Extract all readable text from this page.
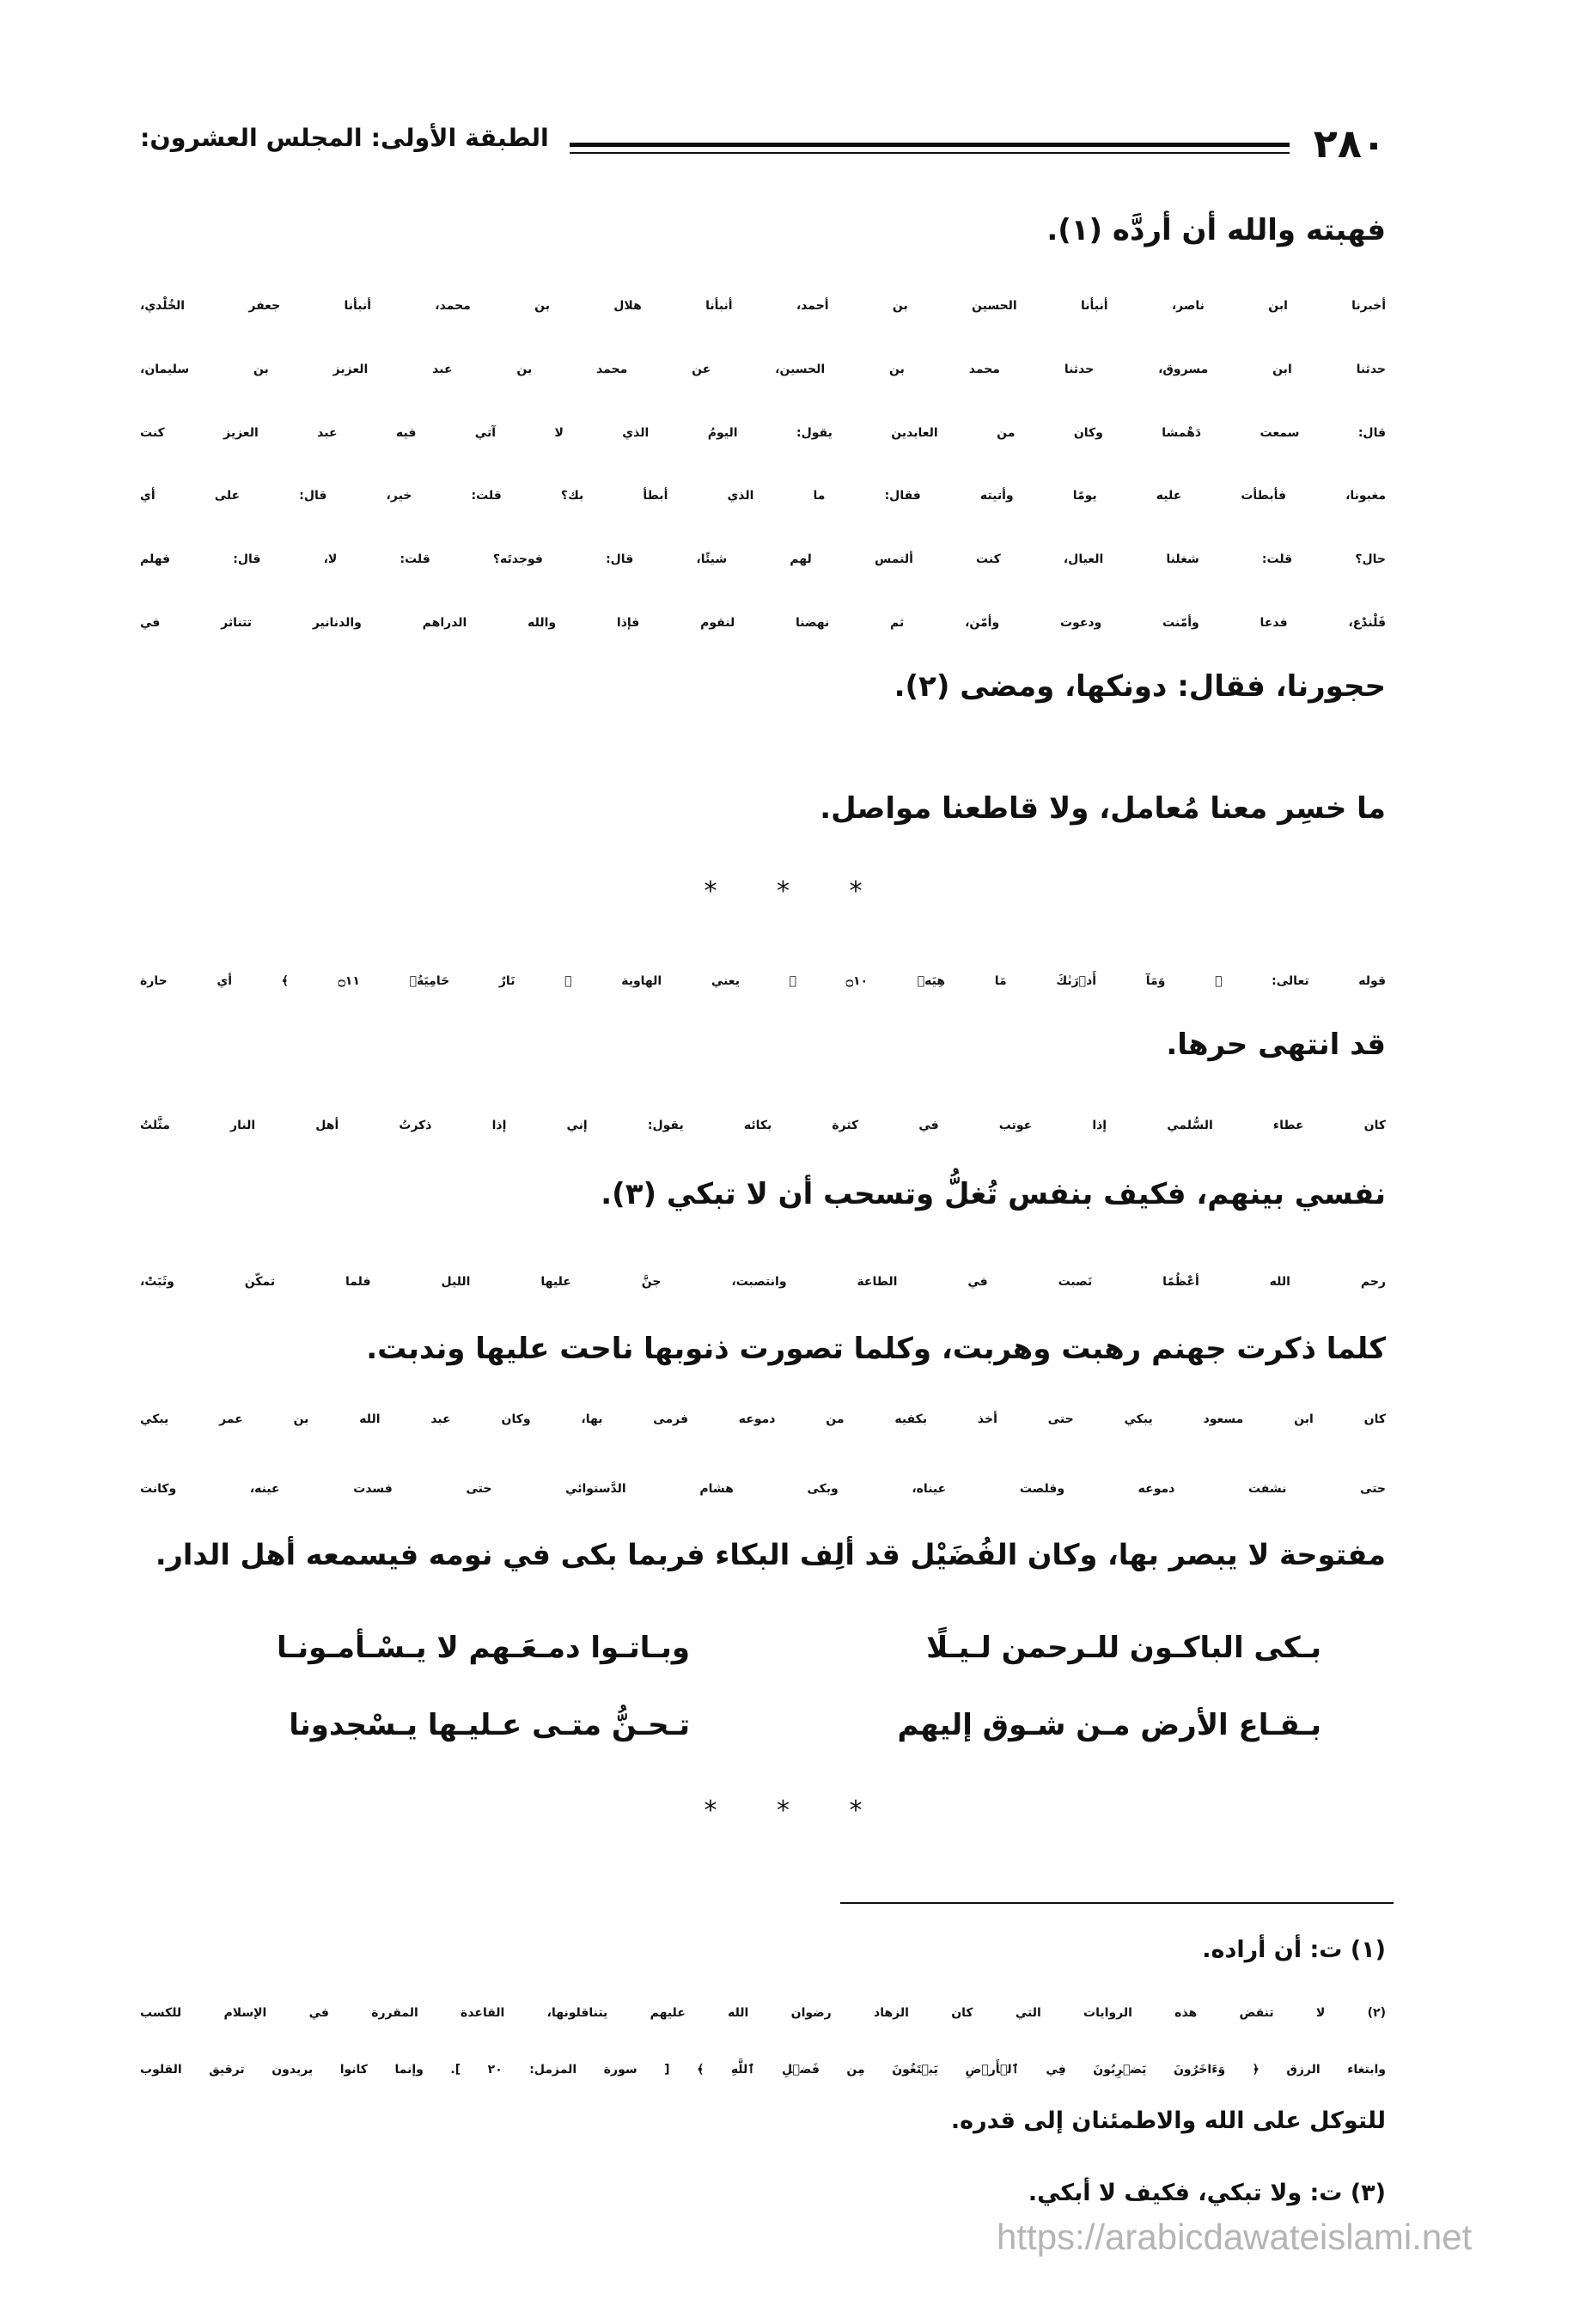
٢٨٠
الطبقة الأولى: المجلس العشرون:
فهبته والله أن أردَّه (١).
أخبرنا ابن ناصر، أنبأنا الحسين بن أحمد، أنبأنا هلال بن محمد، أنبأنا جعفر الخُلْدي،
حدثنا ابن مسروق، حدثنا محمد بن الحسين، عن محمد بن عبد العزيز بن سليمان،
قال: سمعت دَهْمشا وكان من العابدين يقول: اليومُ الذي لا آتي فيه عبد العزيز كنت
مغبونا، فأبطأت عليه يومًا وأتيته فقال: ما الذي أبطأ بك؟ قلت: خير، قال: على أي
حال؟ قلت: شغلنا العيال، كنت ألتمس لهم شيئًا، قال: فوجدتَه؟ قلت: لا، قال: فهلم
فَلْندْع، فدعا وأمّنت ودعوت وأمّن، ثم نهضنا لنقوم فإذا والله الدراهم والدنانير تتناثر في
حجورنا، فقال: دونكها، ومضى (٢).
ما خسِر معنا مُعامل، ولا قاطعنا مواصل.
قوله تعالى: ﴿ وَمَآ أَدۡرَىٰكَ مَا هِيَهۡ ۝١٠ ﴾ يعني الهاوية ﴿ نَارٌ حَامِيَةُۢ ۝١١ ﴾ أي حارة
قد انتهى حرها.
كان عطاء السُّلمي إذا عوتب في كثرة بكائه يقول: إني إذا ذكرتُ أهل النار مثَّلتُ
نفسي بينهم، فكيف بنفس تُغلُّ وتسحب أن لا تبكي (٣).
رحم الله أعْظُمًا نَصبت في الطاعة وانتصبت، جنَّ عليها الليل فلما تمكّن وثَبَتْ،
كلما ذكرت جهنم رهبت وهربت، وكلما تصورت ذنوبها ناحت عليها وندبت.
كان ابن مسعود يبكي حتى أخذ بكفيه من دموعه فرمى بها، وكان عبد الله بن عمر يبكي
حتى نشفت دموعه وقلصت عيناه، وبكى هشام الدَّستوائي حتى فسدت عينه، وكانت
مفتوحة لا يبصر بها، وكان الفُضَيْل قد ألِف البكاء فربما بكى في نومه فيسمعه أهل الدار.
* * *
* * *
بـكى الباكـون للـرحمن لـيـلًا
وبـاتـوا دمـعَـهم لا يـسْـأمـونـا
بـقـاع الأرض مـن شـوق إليهم
تـحـنُّ متـى عـليـها يـسْجدونا
(١) ت: أن أراده.
(٢) لا تنقض هذه الروايات التي كان الزهاد رضوان الله عليهم يتناقلونها، القاعدة المقررة في الإسلام للكسب
وابتغاء الرزق ﴿ وَءَاخَرُونَ يَضۡرِبُونَ فِي ٱلۡأَرۡضِ يَبۡتَغُونَ مِن فَضۡلِ ٱللَّهِ ﴾ [ سورة المزمل: ٢٠ ]. وإنما كانوا يريدون ترقيق القلوب
للتوكل على الله والاطمئنان إلى قدره.
(٣) ت: ولا تبكي، فكيف لا أبكي.
https://arabicdawateislami.net
